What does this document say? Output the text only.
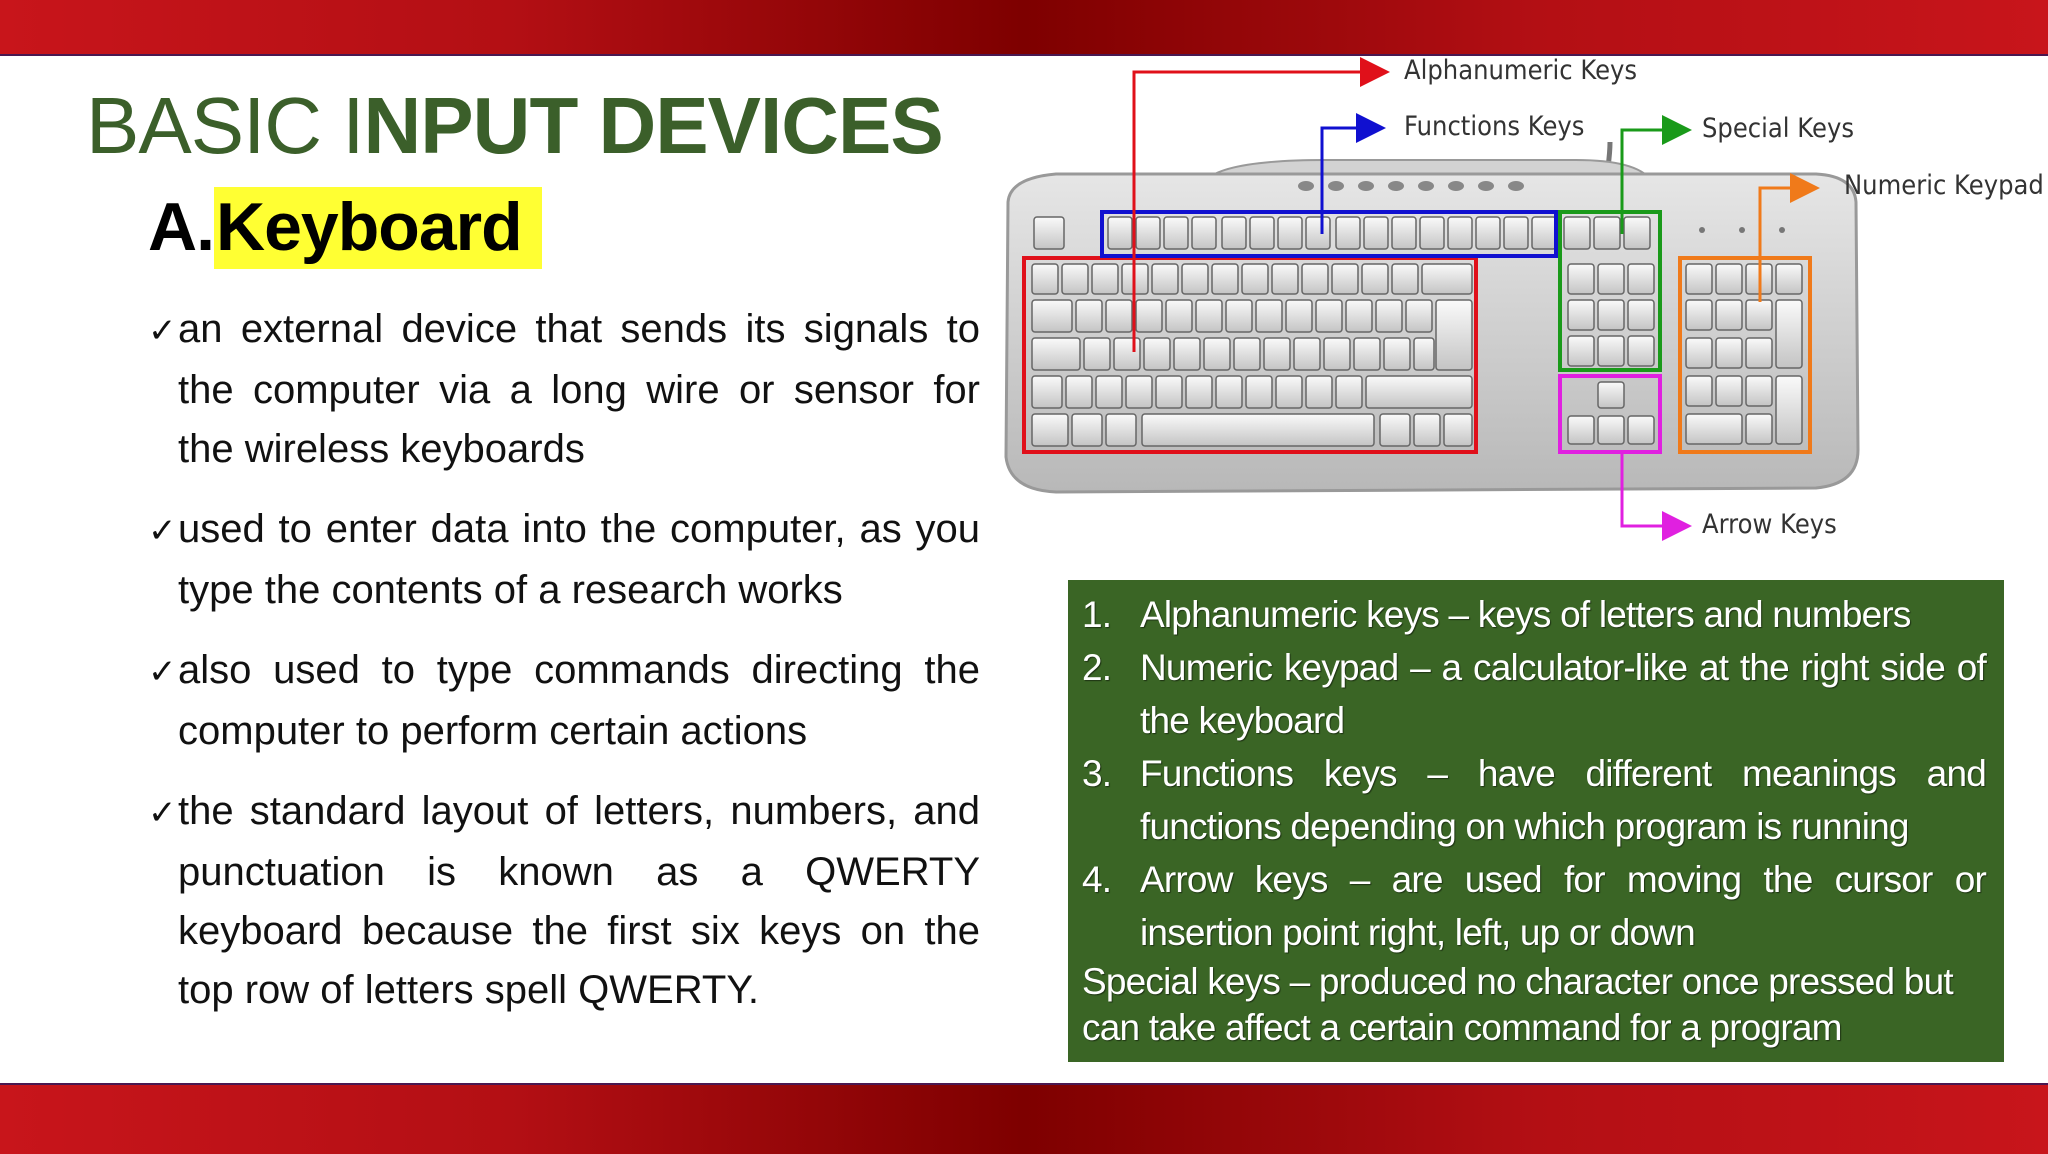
BASIC INPUT DEVICES
A.Keyboard
✓an external device that sends its signals to the computer via a long wire or sensor for the wireless keyboards
✓used to enter data into the computer, as you type the contents of a research works
✓also used to type commands directing the computer to perform certain actions
✓the standard layout of letters, numbers, and punctuation is known as a QWERTY keyboard because the first six keys on the top row of letters spell QWERTY.
Alphanumeric Keys
Functions Keys	Special Keys
Numeric Keypad
Arrow Keys
1. Alphanumeric keys – keys of letters and numbers
2. Numeric keypad – a calculator-like at the right side of the keyboard
3. Functions keys – have different meanings and functions depending on which program is running
4. Arrow keys – are used for moving the cursor or insertion point right, left, up or down
Special keys – produced no character once pressed but can take affect a certain command for a program
